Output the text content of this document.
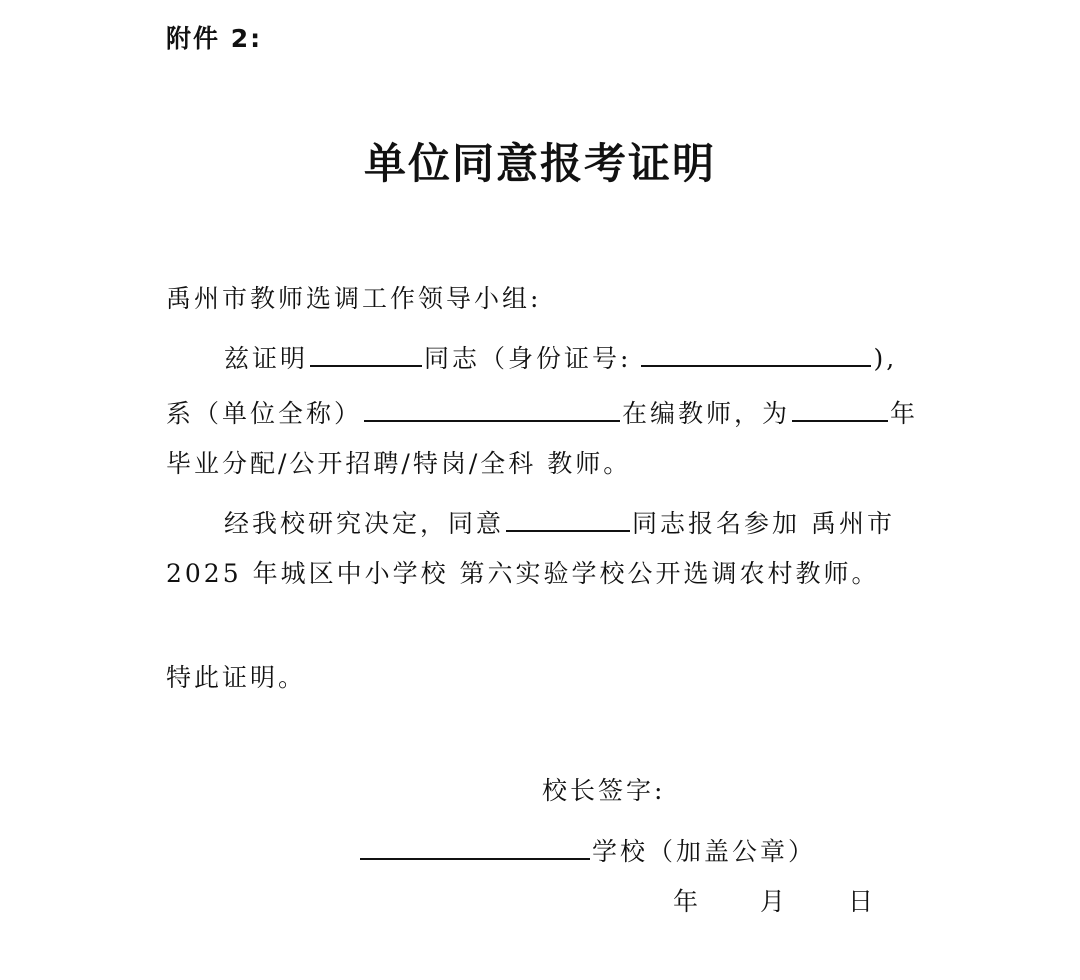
附件 2:
单位同意报考证明
禹州市教师选调工作领导小组:
兹证明	同志（身份证号:	),
系（单位全称）	在编教师，为	年
毕业分配/公开招聘/特岗/全科 教师。
经我校研究决定，同意	同志报名参加 禹州市
2025 年城区中小学校 第六实验学校公开选调农村教师。
特此证明。
校长签字:
学校（加盖公章）
年 月 日
